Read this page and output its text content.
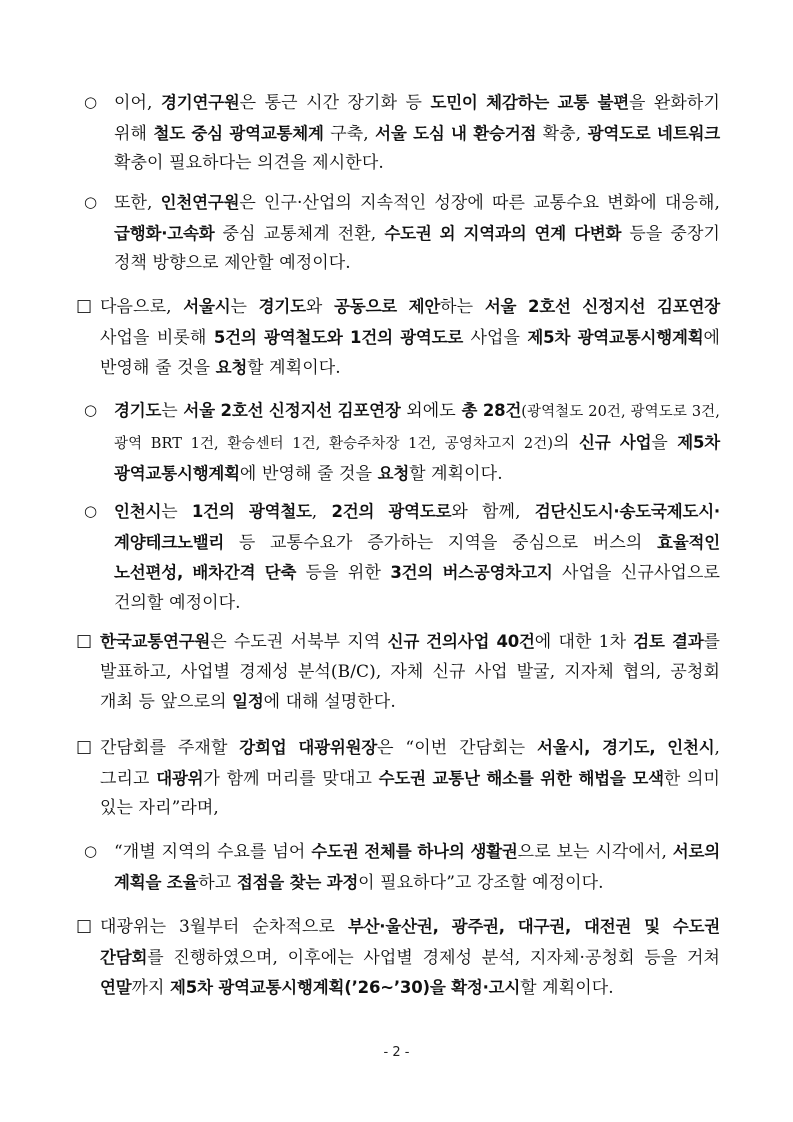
○ 이어, 경기연구원은 통근 시간 장기화 등 도민이 체감하는 교통 불편을 완화하기 위해 철도 중심 광역교통체계 구축, 서울 도심 내 환승거점 확충, 광역도로 네트워크 확충이 필요하다는 의견을 제시한다.
○ 또한, 인천연구원은 인구·산업의 지속적인 성장에 따른 교통수요 변화에 대응해, 급행화·고속화 중심 교통체계 전환, 수도권 외 지역과의 연계 다변화 등을 중장기 정책 방향으로 제안할 예정이다.
□ 다음으로, 서울시는 경기도와 공동으로 제안하는 서울 2호선 신정지선 김포연장 사업을 비롯해 5건의 광역철도와 1건의 광역도로 사업을 제5차 광역교통시행계획에 반영해 줄 것을 요청할 계획이다.
○ 경기도는 서울 2호선 신정지선 김포연장 외에도 총 28건(광역철도 20건, 광역도로 3건, 광역 BRT 1건, 환승센터 1건, 환승주차장 1건, 공영차고지 2건)의 신규 사업을 제5차 광역교통시행계획에 반영해 줄 것을 요청할 계획이다.
○ 인천시는 1건의 광역철도, 2건의 광역도로와 함께, 검단신도시·송도국제도시·계양테크노밸리 등 교통수요가 증가하는 지역을 중심으로 버스의 효율적인 노선편성, 배차간격 단축 등을 위한 3건의 버스공영차고지 사업을 신규사업으로 건의할 예정이다.
□ 한국교통연구원은 수도권 서북부 지역 신규 건의사업 40건에 대한 1차 검토 결과를 발표하고, 사업별 경제성 분석(B/C), 자체 신규 사업 발굴, 지자체 협의, 공청회 개최 등 앞으로의 일정에 대해 설명한다.
□ 간담회를 주재할 강희업 대광위원장은 “이번 간담회는 서울시, 경기도, 인천시, 그리고 대광위가 함께 머리를 맞대고 수도권 교통난 해소를 위한 해법을 모색한 의미 있는 자리”라며,
○ “개별 지역의 수요를 넘어 수도권 전체를 하나의 생활권으로 보는 시각에서, 서로의 계획을 조율하고 접점을 찾는 과정이 필요하다”고 강조할 예정이다.
□ 대광위는 3월부터 순차적으로 부산·울산권, 광주권, 대구권, 대전권 및 수도권 간담회를 진행하였으며, 이후에는 사업별 경제성 분석, 지자체·공청회 등을 거쳐 연말까지 제5차 광역교통시행계획(’26~’30)을 확정·고시할 계획이다.
- 2 -
